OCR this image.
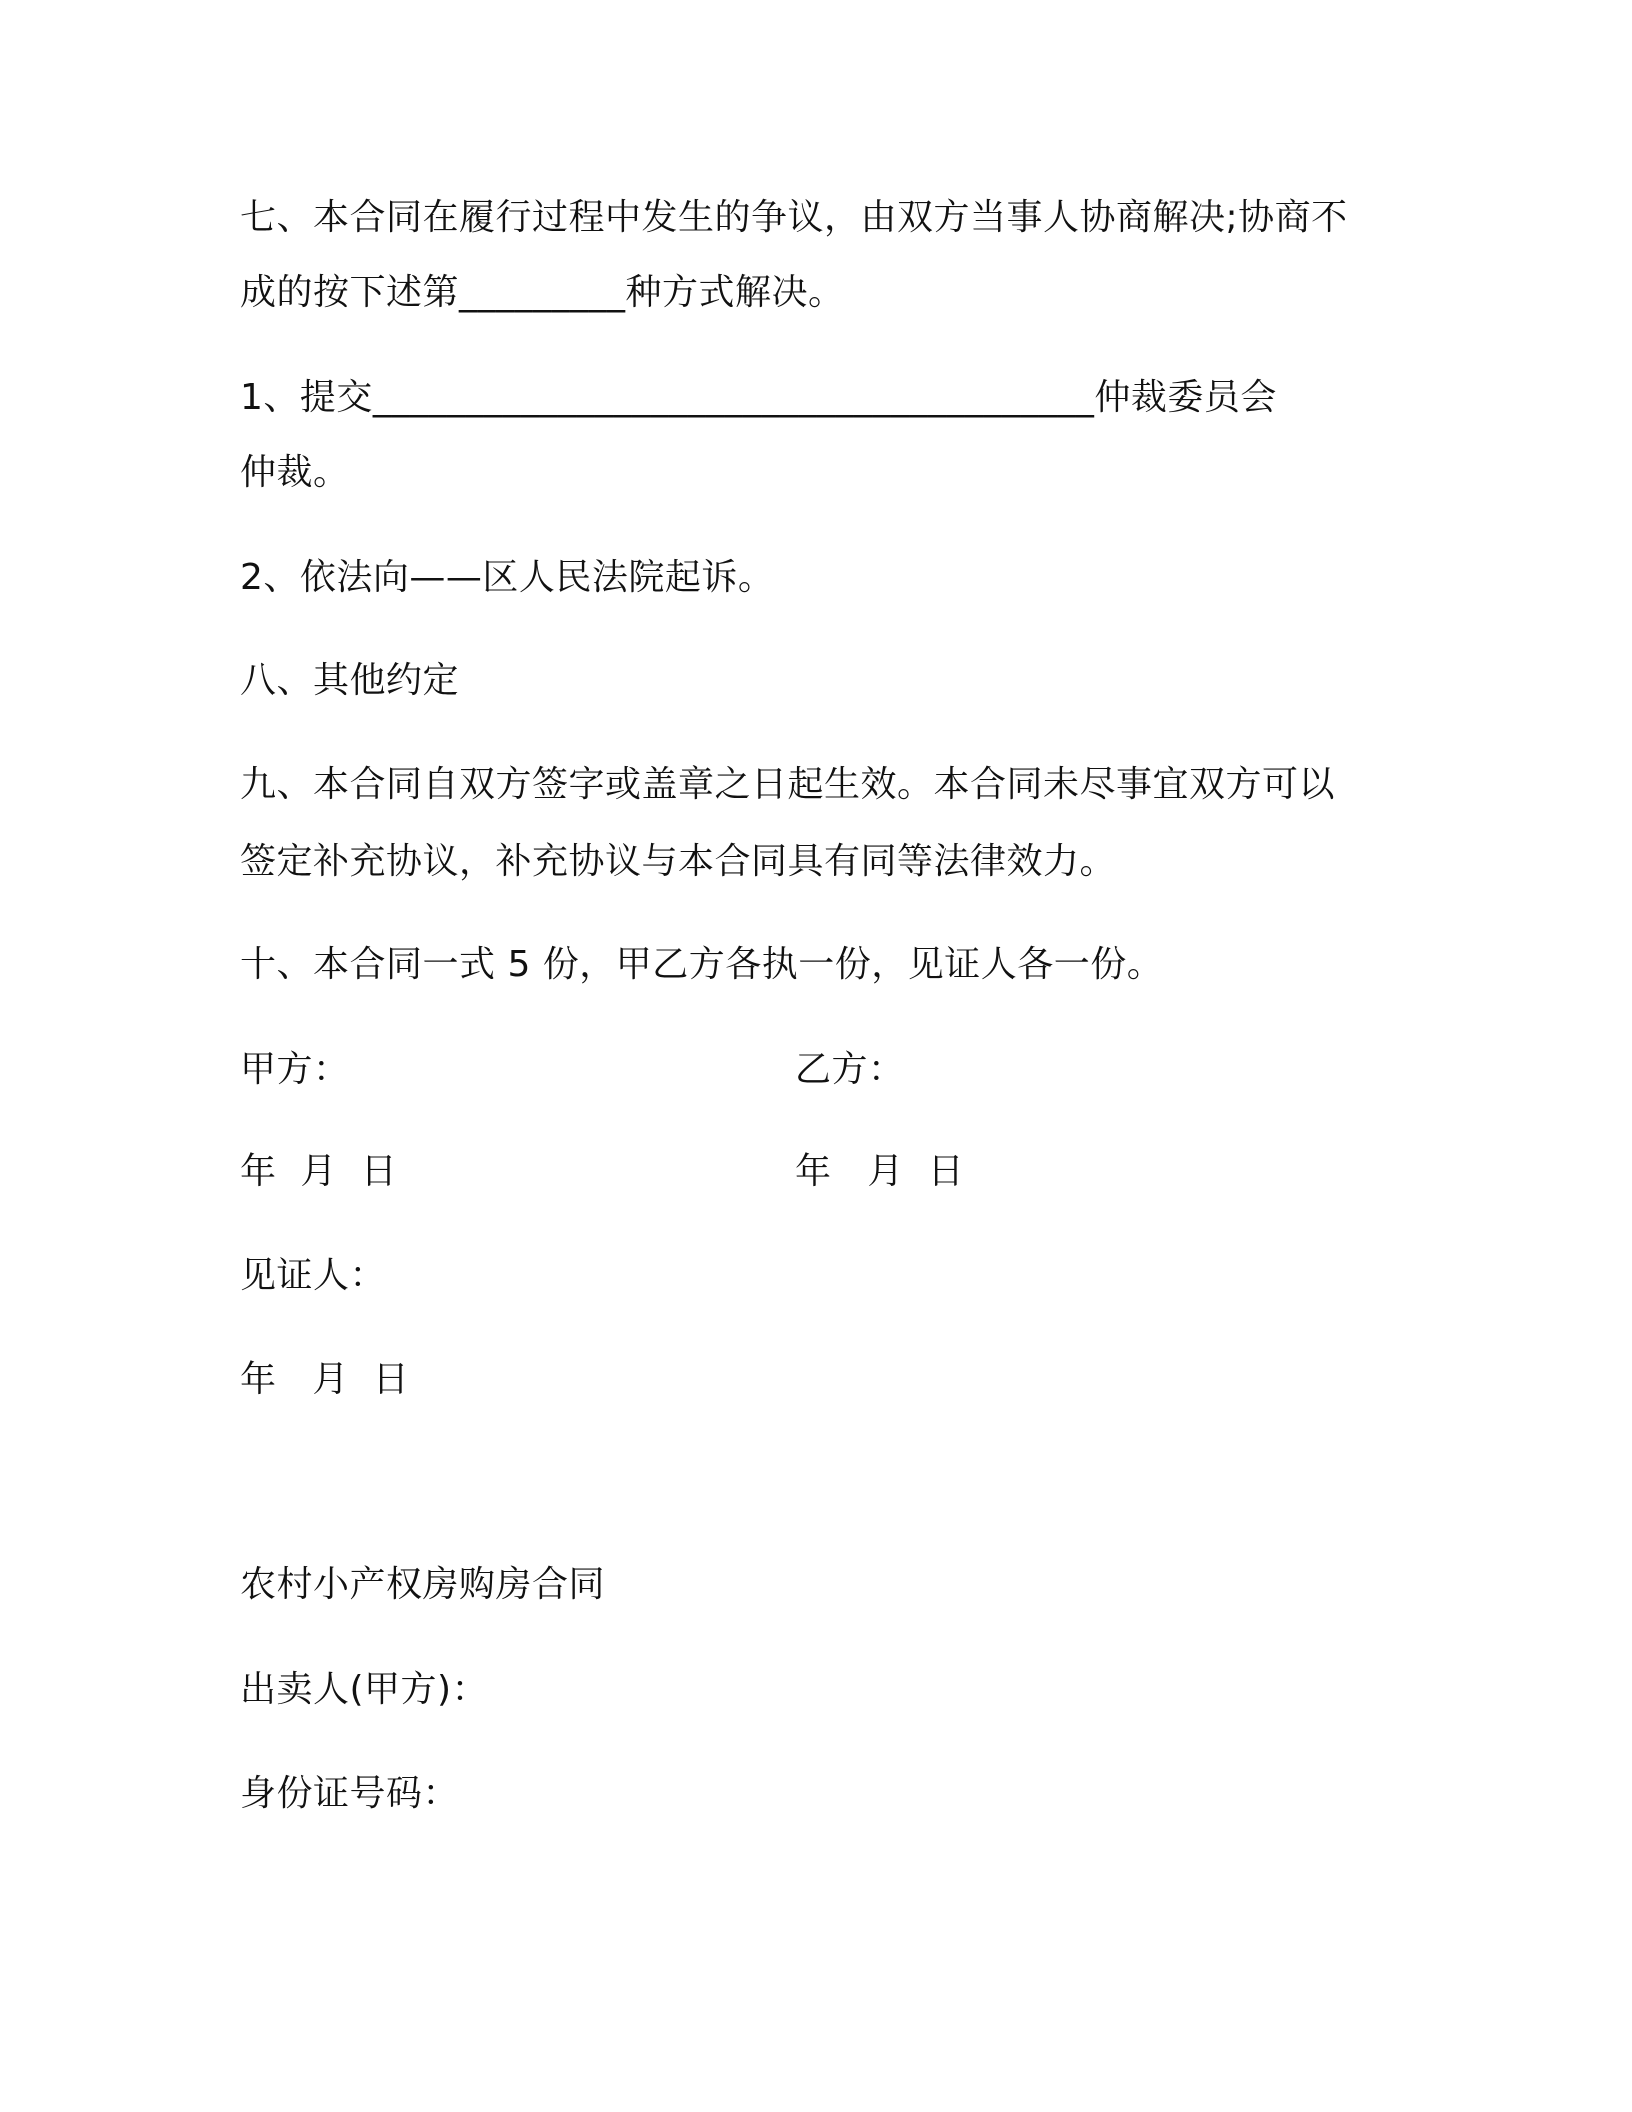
七、本合同在履行过程中发生的争议，由双方当事人协商解决;协商不
成的按下述第_________种方式解决。
1、提交_______________________________________仲裁委员会
仲裁。
2、依法向——区人民法院起诉。
八、其他约定
九、本合同自双方签字或盖章之日起生效。本合同未尽事宜双方可以
签定补充协议，补充协议与本合同具有同等法律效力。
十、本合同一式 5 份，甲乙方各执一份，见证人各一份。
甲方：	乙方：
年  月  日	年   月  日
见证人：
年   月  日
农村小产权房购房合同
出卖人(甲方)：
身份证号码：
